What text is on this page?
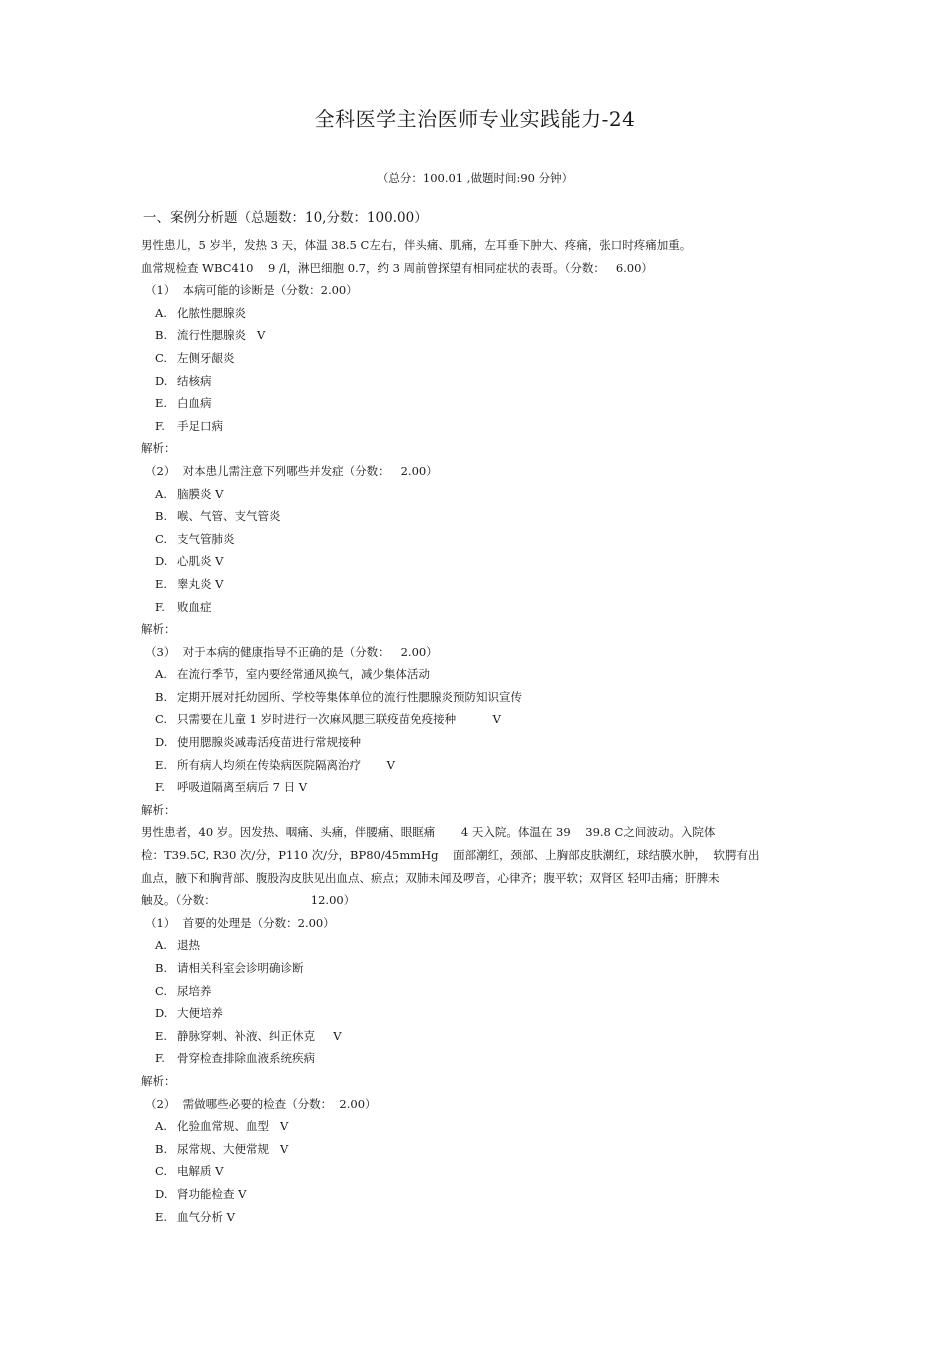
全科医学主治医师专业实践能力-24
（总分：100.01 ,做题时间:90 分钟）
一、案例分析题（总题数：10,分数：100.00）
男性患儿，5 岁半，发热 3 天，体温 38.5 C左右，伴头痛、肌痛，左耳垂下肿大、疼痛，张口时疼痛加重。
血常规检查 WBC410    9 /l，淋巴细胞 0.7，约 3 周前曾探望有相同症状的表哥。（分数：   6.00）
（1）  本病可能的诊断是（分数：2.00）
A. 化脓性腮腺炎
B. 流行性腮腺炎   V
C. 左侧牙龈炎
D. 结核病
E. 白血病
F. 手足口病
解析：
（2）  对本患儿需注意下列哪些并发症（分数：   2.00）
A. 脑膜炎 V
B. 喉、气管、支气管炎
C. 支气管肺炎
D. 心肌炎 V
E. 睾丸炎 V
F. 败血症
解析：
（3）  对于本病的健康指导不正确的是（分数：   2.00）
A. 在流行季节，室内要经常通风换气，减少集体活动
B. 定期开展对托幼园所、学校等集体单位的流行性腮腺炎预防知识宣传
C. 只需要在儿童 1 岁时进行一次麻风腮三联疫苗免疫接种          V
D. 使用腮腺炎减毒活疫苗进行常规接种
E. 所有病人均须在传染病医院隔离治疗       V
F. 呼吸道隔离至病后 7 日 V
解析：
男性患者，40 岁。因发热、咽痛、头痛，伴腰痛、眼眶痛       4 天入院。体温在 39    39.8 C之间波动。入院体
检：T39.5C, R30 次/分，P110 次/分，BP80/45mmHg    面部潮红，颈部、上胸部皮肤潮红，球结膜水肿，  软腭有出
血点，腋下和胸背部、腹股沟皮肤见出血点、瘀点；双肺未闻及啰音，心律齐；腹平软；双肾区 轻叩击痛；肝脾未
触及。（分数：                          12.00）
（1）  首要的处理是（分数：2.00）
A. 退热
B. 请相关科室会诊明确诊断
C. 尿培养
D. 大便培养
E. 静脉穿刺、补液、纠正休克     V
F. 骨穿检查排除血液系统疾病
解析：
（2）  需做哪些必要的检查（分数：  2.00）
A. 化验血常规、血型   V
B. 尿常规、大便常规   V
C. 电解质 V
D. 肾功能检查 V
E. 血气分析 V
